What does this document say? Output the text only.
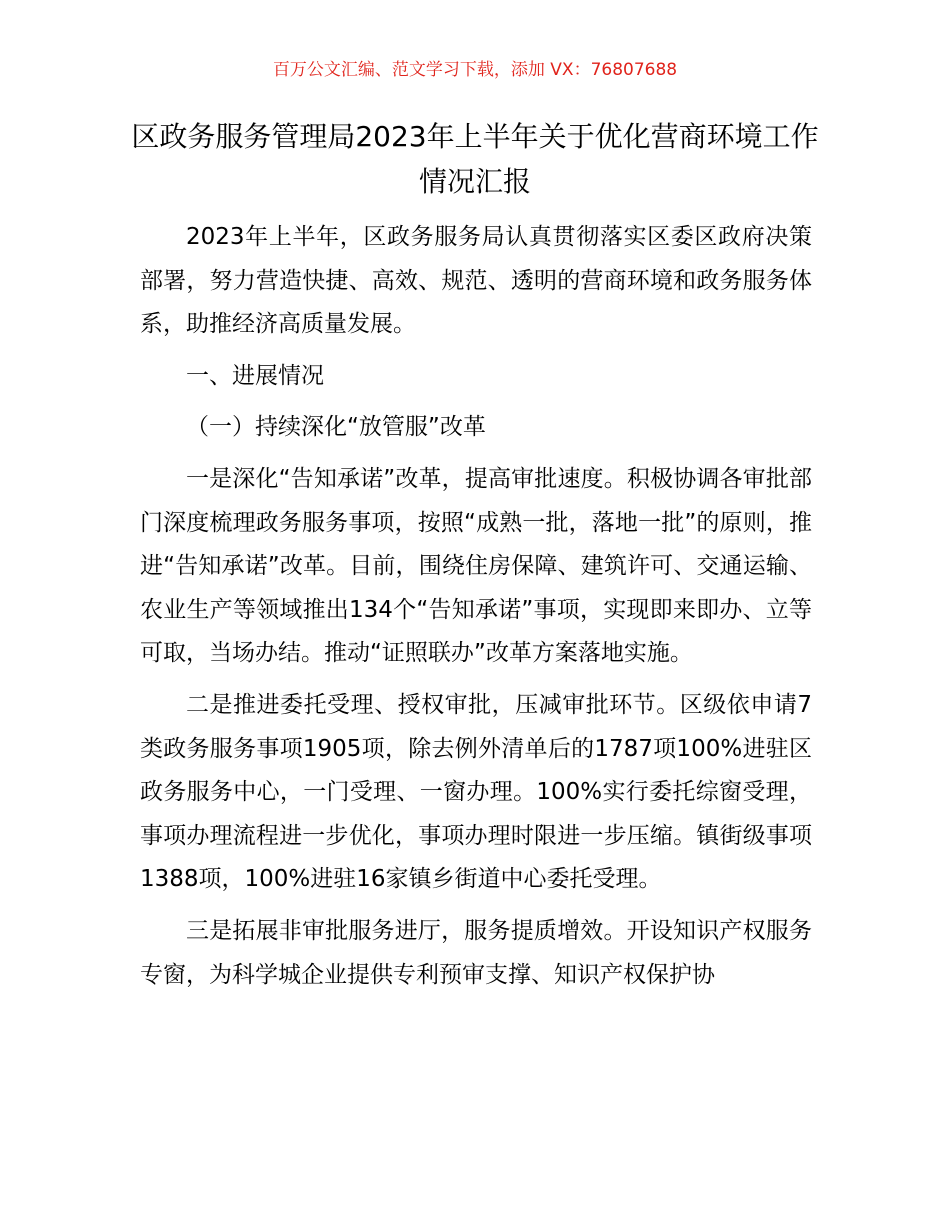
百万公文汇编、范文学习下载，添加 VX：76807688
区政务服务管理局2023年上半年关于优化营商环境工作情况汇报

2023年上半年，区政务服务局认真贯彻落实区委区政府决策部署，努力营造快捷、高效、规范、透明的营商环境和政务服务体系，助推经济高质量发展。

一、进展情况

（一）持续深化“放管服”改革

一是深化“告知承诺”改革，提高审批速度。积极协调各审批部门深度梳理政务服务事项，按照“成熟一批，落地一批”的原则，推进“告知承诺”改革。目前，围绕住房保障、建筑许可、交通运输、农业生产等领域推出134个“告知承诺”事项，实现即来即办、立等可取，当场办结。推动“证照联办”改革方案落地实施。

二是推进委托受理、授权审批，压减审批环节。区级依申请7类政务服务事项1905项，除去例外清单后的1787项100%进驻区政务服务中心，一门受理、一窗办理。100%实行委托综窗受理，事项办理流程进一步优化，事项办理时限进一步压缩。镇街级事项1388项，100%进驻16家镇乡街道中心委托受理。

三是拓展非审批服务进厅，服务提质增效。开设知识产权服务专窗，为科学城企业提供专利预审支撑、知识产权保护协
